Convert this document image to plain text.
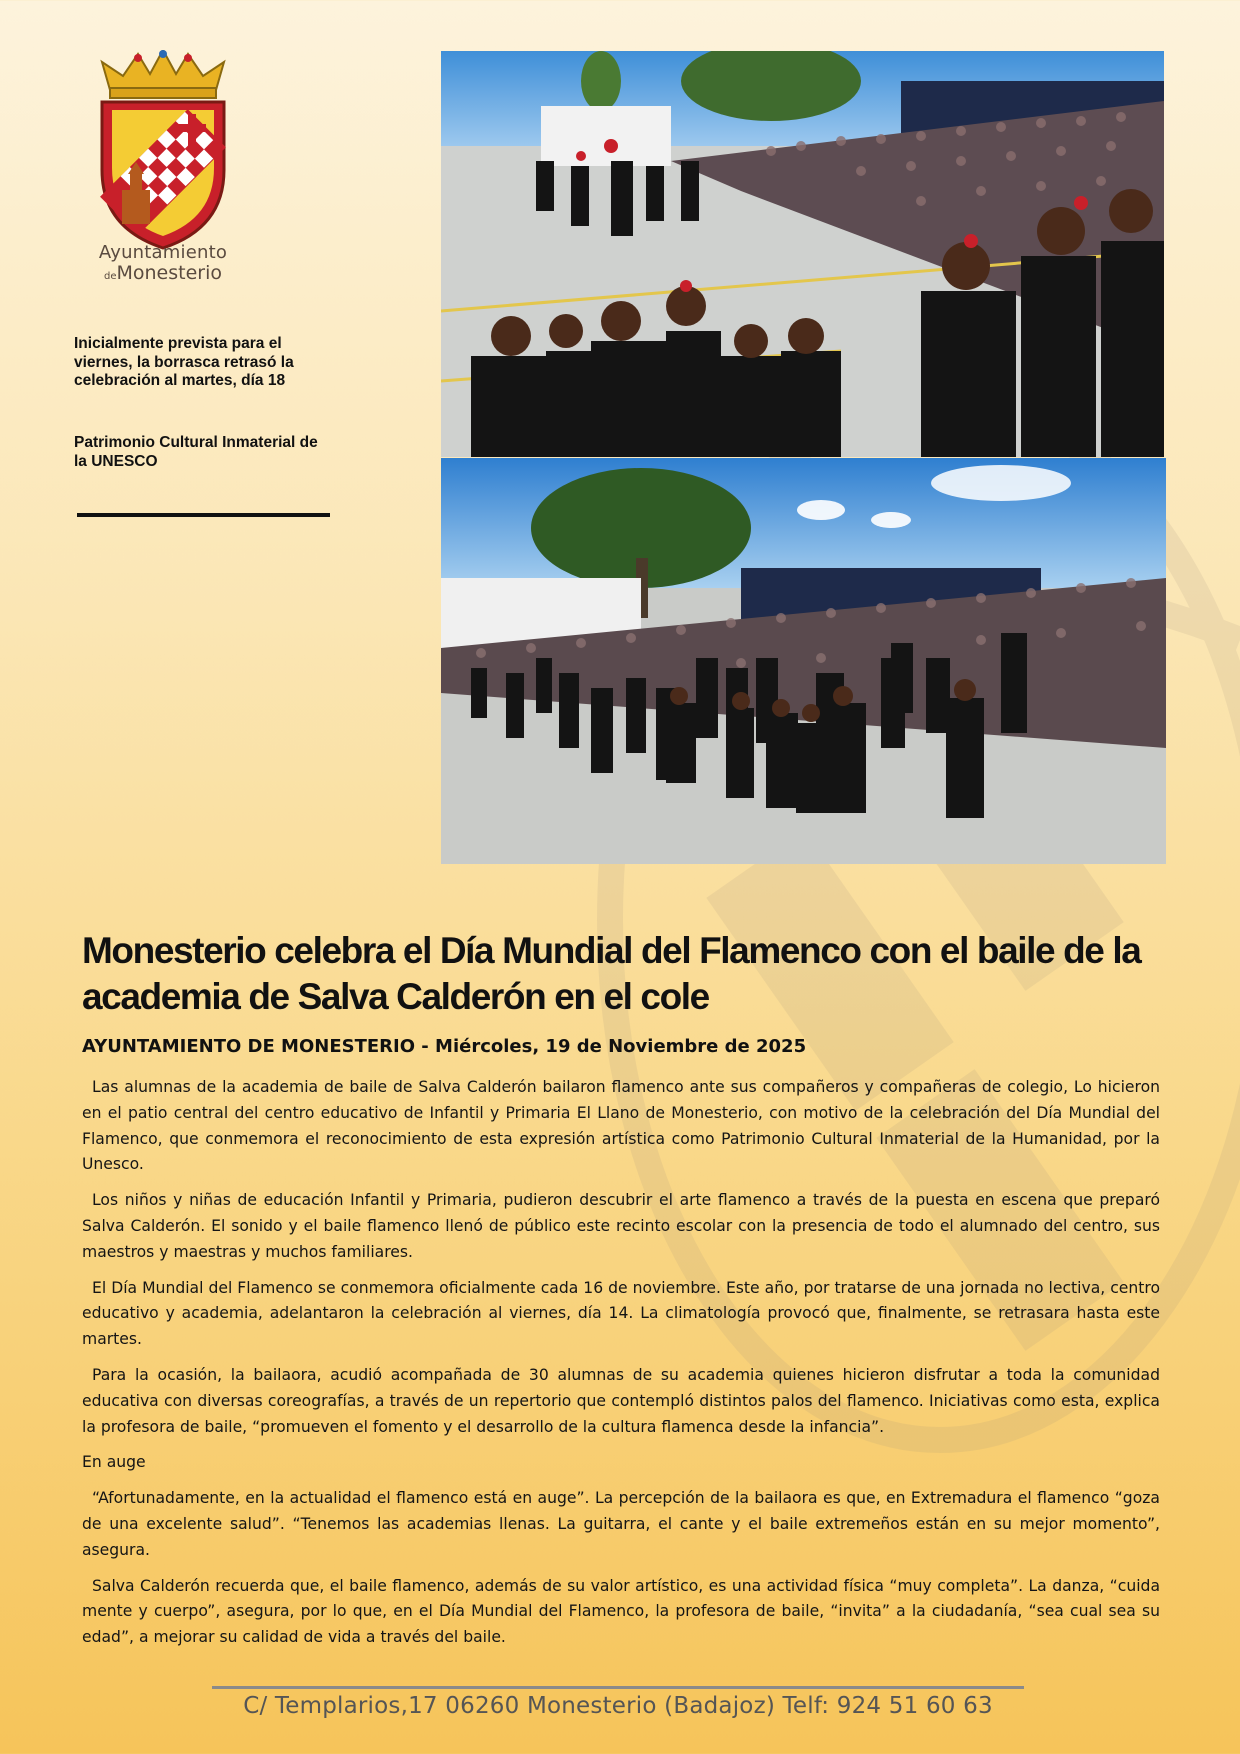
Ayuntamiento
deMonesterio
Inicialmente prevista para el viernes, la borrasca retrasó la celebración al martes, día 18
Patrimonio Cultural Inmaterial de la UNESCO
Monesterio celebra el Día Mundial del Flamenco con el baile de la academia de Salva Calderón en el cole
AYUNTAMIENTO DE MONESTERIO - Miércoles, 19 de Noviembre de 2025

Las alumnas de la academia de baile de Salva Calderón bailaron flamenco ante sus compañeros y compañeras de colegio, Lo hicieron en el patio central del centro educativo de Infantil y Primaria El Llano de Monesterio, con motivo de la celebración del Día Mundial del Flamenco, que conmemora el reconocimiento de esta expresión artística como Patrimonio Cultural Inmaterial de la Humanidad, por la Unesco.

Los niños y niñas de educación Infantil y Primaria, pudieron descubrir el arte flamenco a través de la puesta en escena que preparó Salva Calderón. El sonido y el baile flamenco llenó de público este recinto escolar con la presencia de todo el alumnado del centro, sus maestros y maestras y muchos familiares.

El Día Mundial del Flamenco se conmemora oficialmente cada 16 de noviembre. Este año, por tratarse de una jornada no lectiva, centro educativo y academia, adelantaron la celebración al viernes, día 14. La climatología provocó que, finalmente, se retrasara hasta este martes.

Para la ocasión, la bailaora, acudió acompañada de 30 alumnas de su academia quienes hicieron disfrutar a toda la comunidad educativa con diversas coreografías, a través de un repertorio que contempló distintos palos del flamenco. Iniciativas como esta, explica la profesora de baile, “promueven el fomento y el desarrollo de la cultura flamenca desde la infancia”.

En auge

“Afortunadamente, en la actualidad el flamenco está en auge”. La percepción de la bailaora es que, en Extremadura el flamenco “goza de una excelente salud”. “Tenemos las academias llenas. La guitarra, el cante y el baile extremeños están en su mejor momento”, asegura.

Salva Calderón recuerda que, el baile flamenco, además de su valor artístico, es una actividad física “muy completa”. La danza, “cuida mente y cuerpo”, asegura, por lo que, en el Día Mundial del Flamenco, la profesora de baile, “invita” a la ciudadanía, “sea cual sea su edad”, a mejorar su calidad de vida a través del baile.

C/ Templarios,17 06260 Monesterio (Badajoz) Telf: 924 51 60 63
